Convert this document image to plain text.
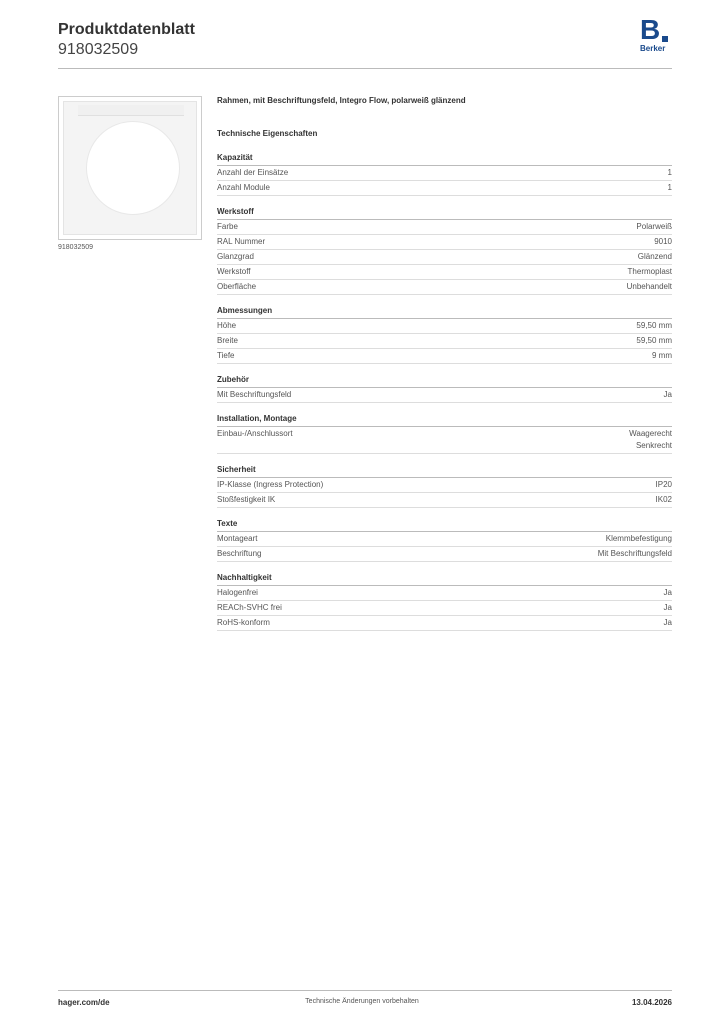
Produktdatenblatt
918032509
B
Berker
918032509
Rahmen, mit Beschriftungsfeld, Integro Flow, polarweiß glänzend
Technische Eigenschaften
Kapazität
Anzahl der Einsätze	1
Anzahl Module	1
Werkstoff
Farbe	Polarweiß
RAL Nummer	9010
Glanzgrad	Glänzend
Werkstoff	Thermoplast
Oberfläche	Unbehandelt
Abmessungen
Höhe	59,50 mm
Breite	59,50 mm
Tiefe	9 mm
Zubehör
Mit Beschriftungsfeld	Ja
Installation, Montage
Einbau-/Anschlussort	Waagerecht
Senkrecht
Sicherheit
IP-Klasse (Ingress Protection)	IP20
Stoßfestigkeit IK	IK02
Texte
Montageart	Klemmbefestigung
Beschriftung	Mit Beschriftungsfeld
Nachhaltigkeit
Halogenfrei	Ja
REACh-SVHC frei	Ja
RoHS-konform	Ja
hager.com/de	Technische Änderungen vorbehalten	13.04.2026
